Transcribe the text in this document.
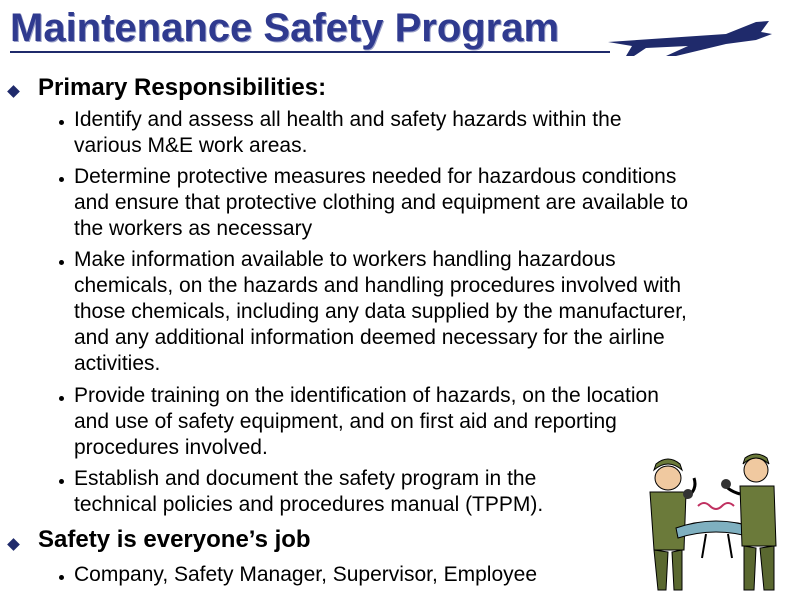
Maintenance Safety Program
Primary Responsibilities:
Identify and assess all health and safety hazards within the various M&E work areas.
Determine protective measures needed for hazardous conditions and ensure that protective clothing and equipment are available to the workers as necessary
Make information available to workers handling hazardous chemicals, on the hazards and handling procedures involved with those chemicals, including any data supplied by the manufacturer, and any additional information deemed necessary for the airline activities.
Provide training on the identification of hazards, on the location and use of safety equipment, and on first aid and reporting procedures involved.
Establish and document the safety program in the technical policies and procedures manual (TPPM).
Safety is everyone’s job
Company, Safety Manager, Supervisor, Employee
